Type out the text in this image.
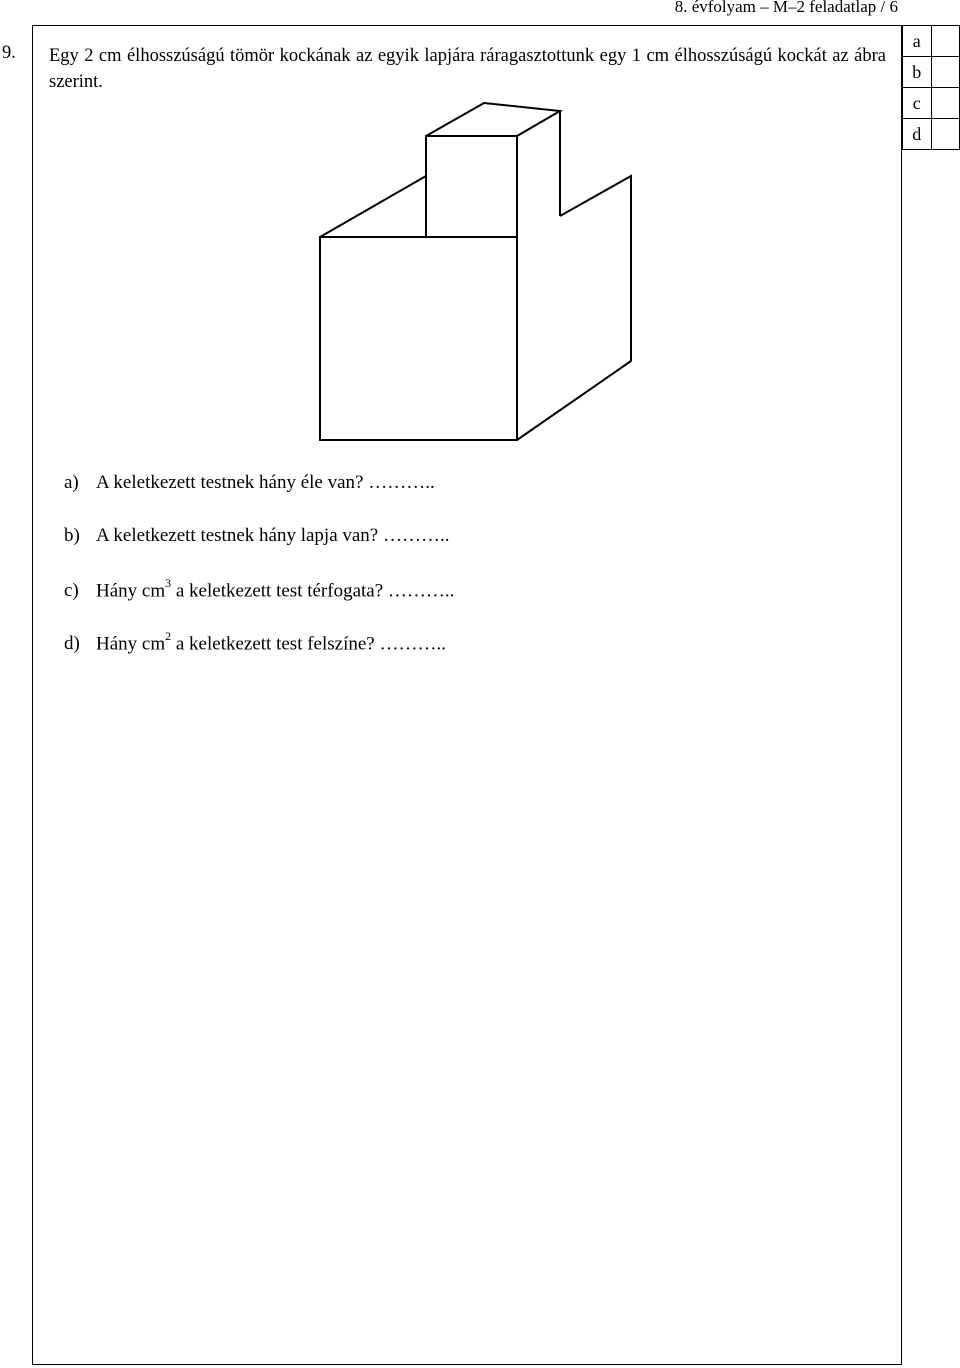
8. évfolyam – M–2 feladatlap / 6
9. Egy 2 cm élhosszúságú tömör kockának az egyik lapjára ráragasztottunk egy 1 cm élhosszúságú kockát az ábra szerint.
a	
b	
c	
d	
a) A keletkezett testnek hány éle van? ………..
b) A keletkezett testnek hány lapja van? ………..
c) Hány $cm^3$ a keletkezett test térfogata? ………..
d) Hány $cm^2$ a keletkezett test felszíne? ………..
